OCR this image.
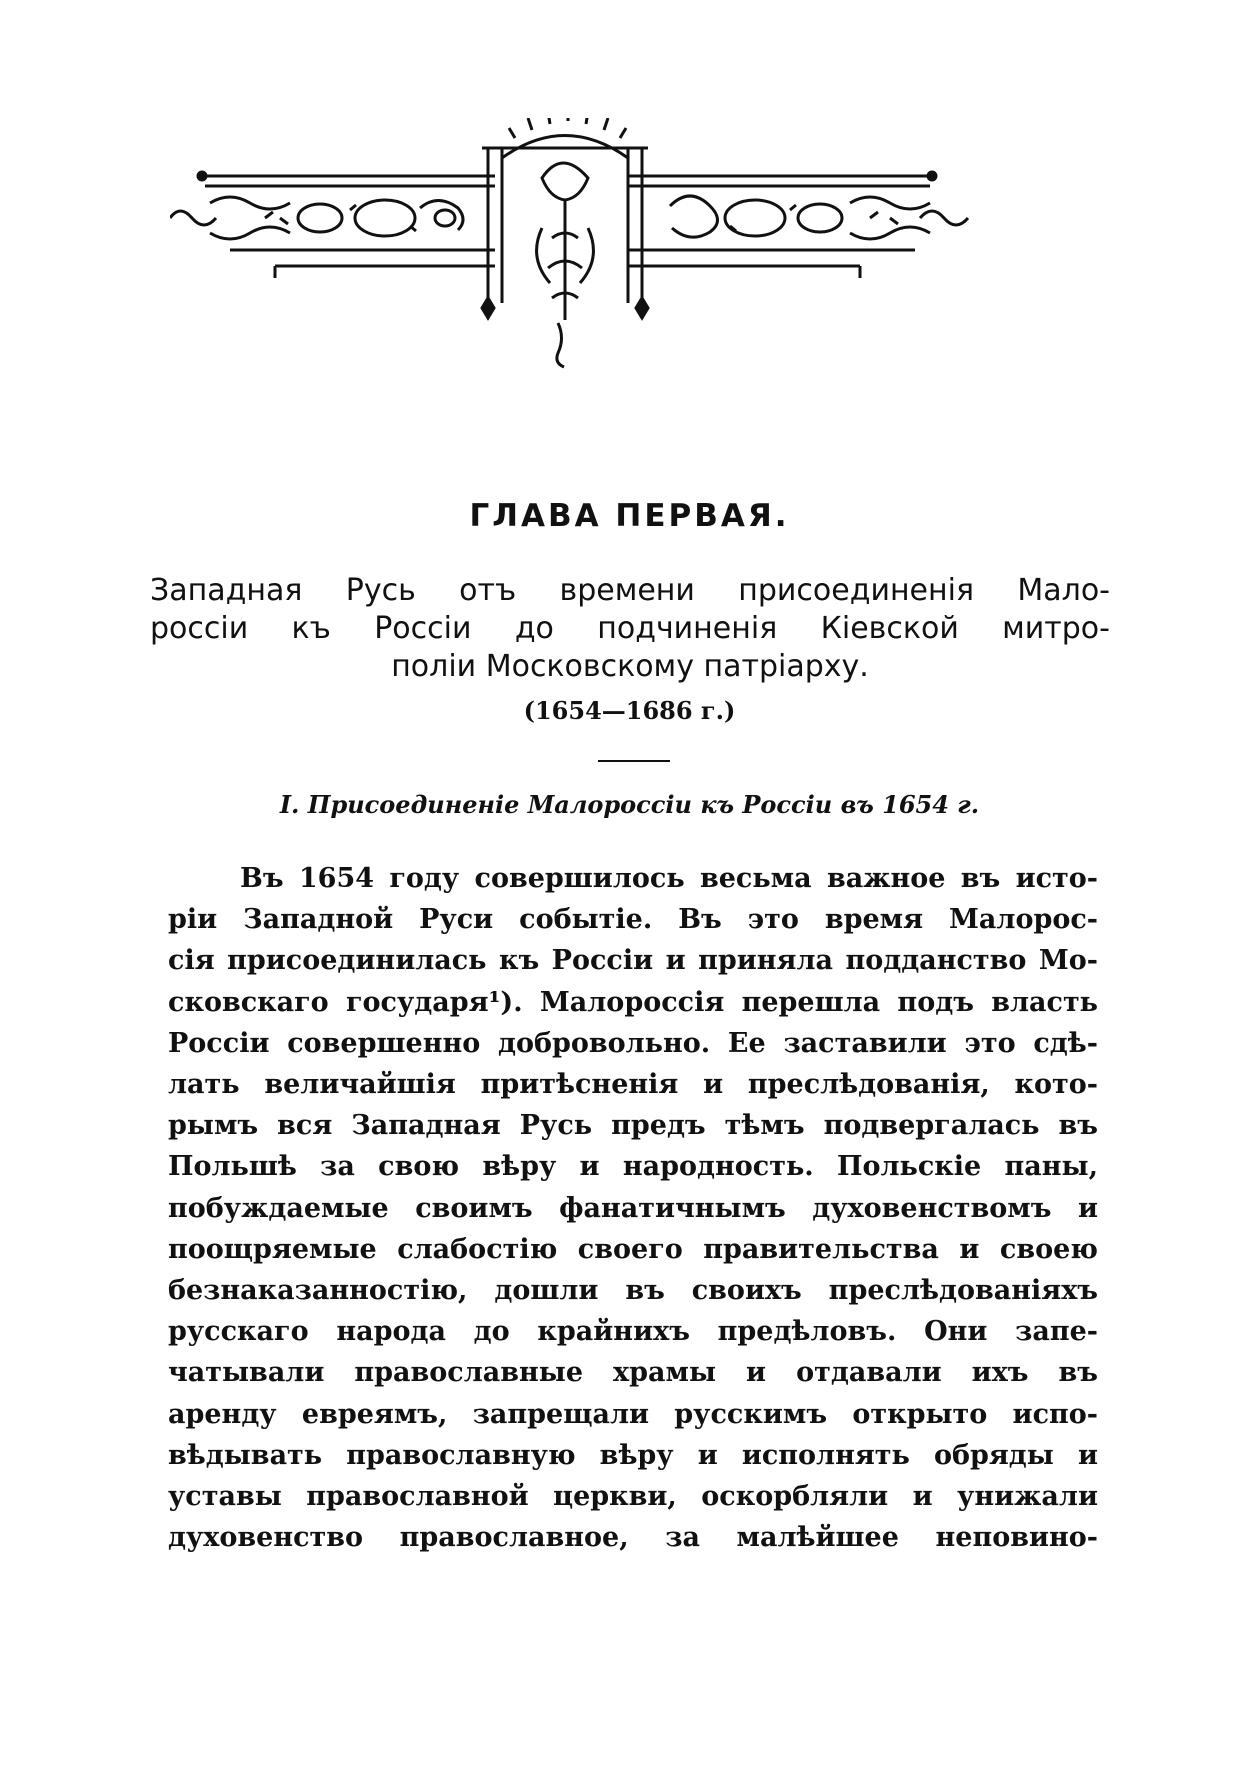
ГЛАВА ПЕРВАЯ.
Западная Русь отъ времени присоединенія Мало-
россіи къ Россіи до подчиненія Кіевской митро-
поліи Московскому патріарху.
(1654—1686 г.)
I. Присоединеніе Малороссіи къ Россіи въ 1654 г.
Въ 1654 году совершилось весьма важное въ исто-
ріи Западной Руси событіе. Въ это время Малорос-
сія присоединилась къ Россіи и приняла подданство Мо-
сковскаго государя¹). Малороссія перешла подъ власть
Россіи совершенно добровольно. Ее заставили это сдѣ-
лать величайшія притѣсненія и преслѣдованія, кото-
рымъ вся Западная Русь предъ тѣмъ подвергалась въ
Польшѣ за свою вѣру и народность. Польскіе паны,
побуждаемые своимъ фанатичнымъ духовенствомъ и
поощряемые слабостію своего правительства и своею
безнаказанностію, дошли въ своихъ преслѣдованіяхъ
русскаго народа до крайнихъ предѣловъ. Они запе-
чатывали православные храмы и отдавали ихъ въ
аренду евреямъ, запрещали русскимъ открыто испо-
вѣдывать православную вѣру и исполнять обряды и
уставы православной церкви, оскорбляли и унижали
духовенство православное, за малѣйшее неповино-
